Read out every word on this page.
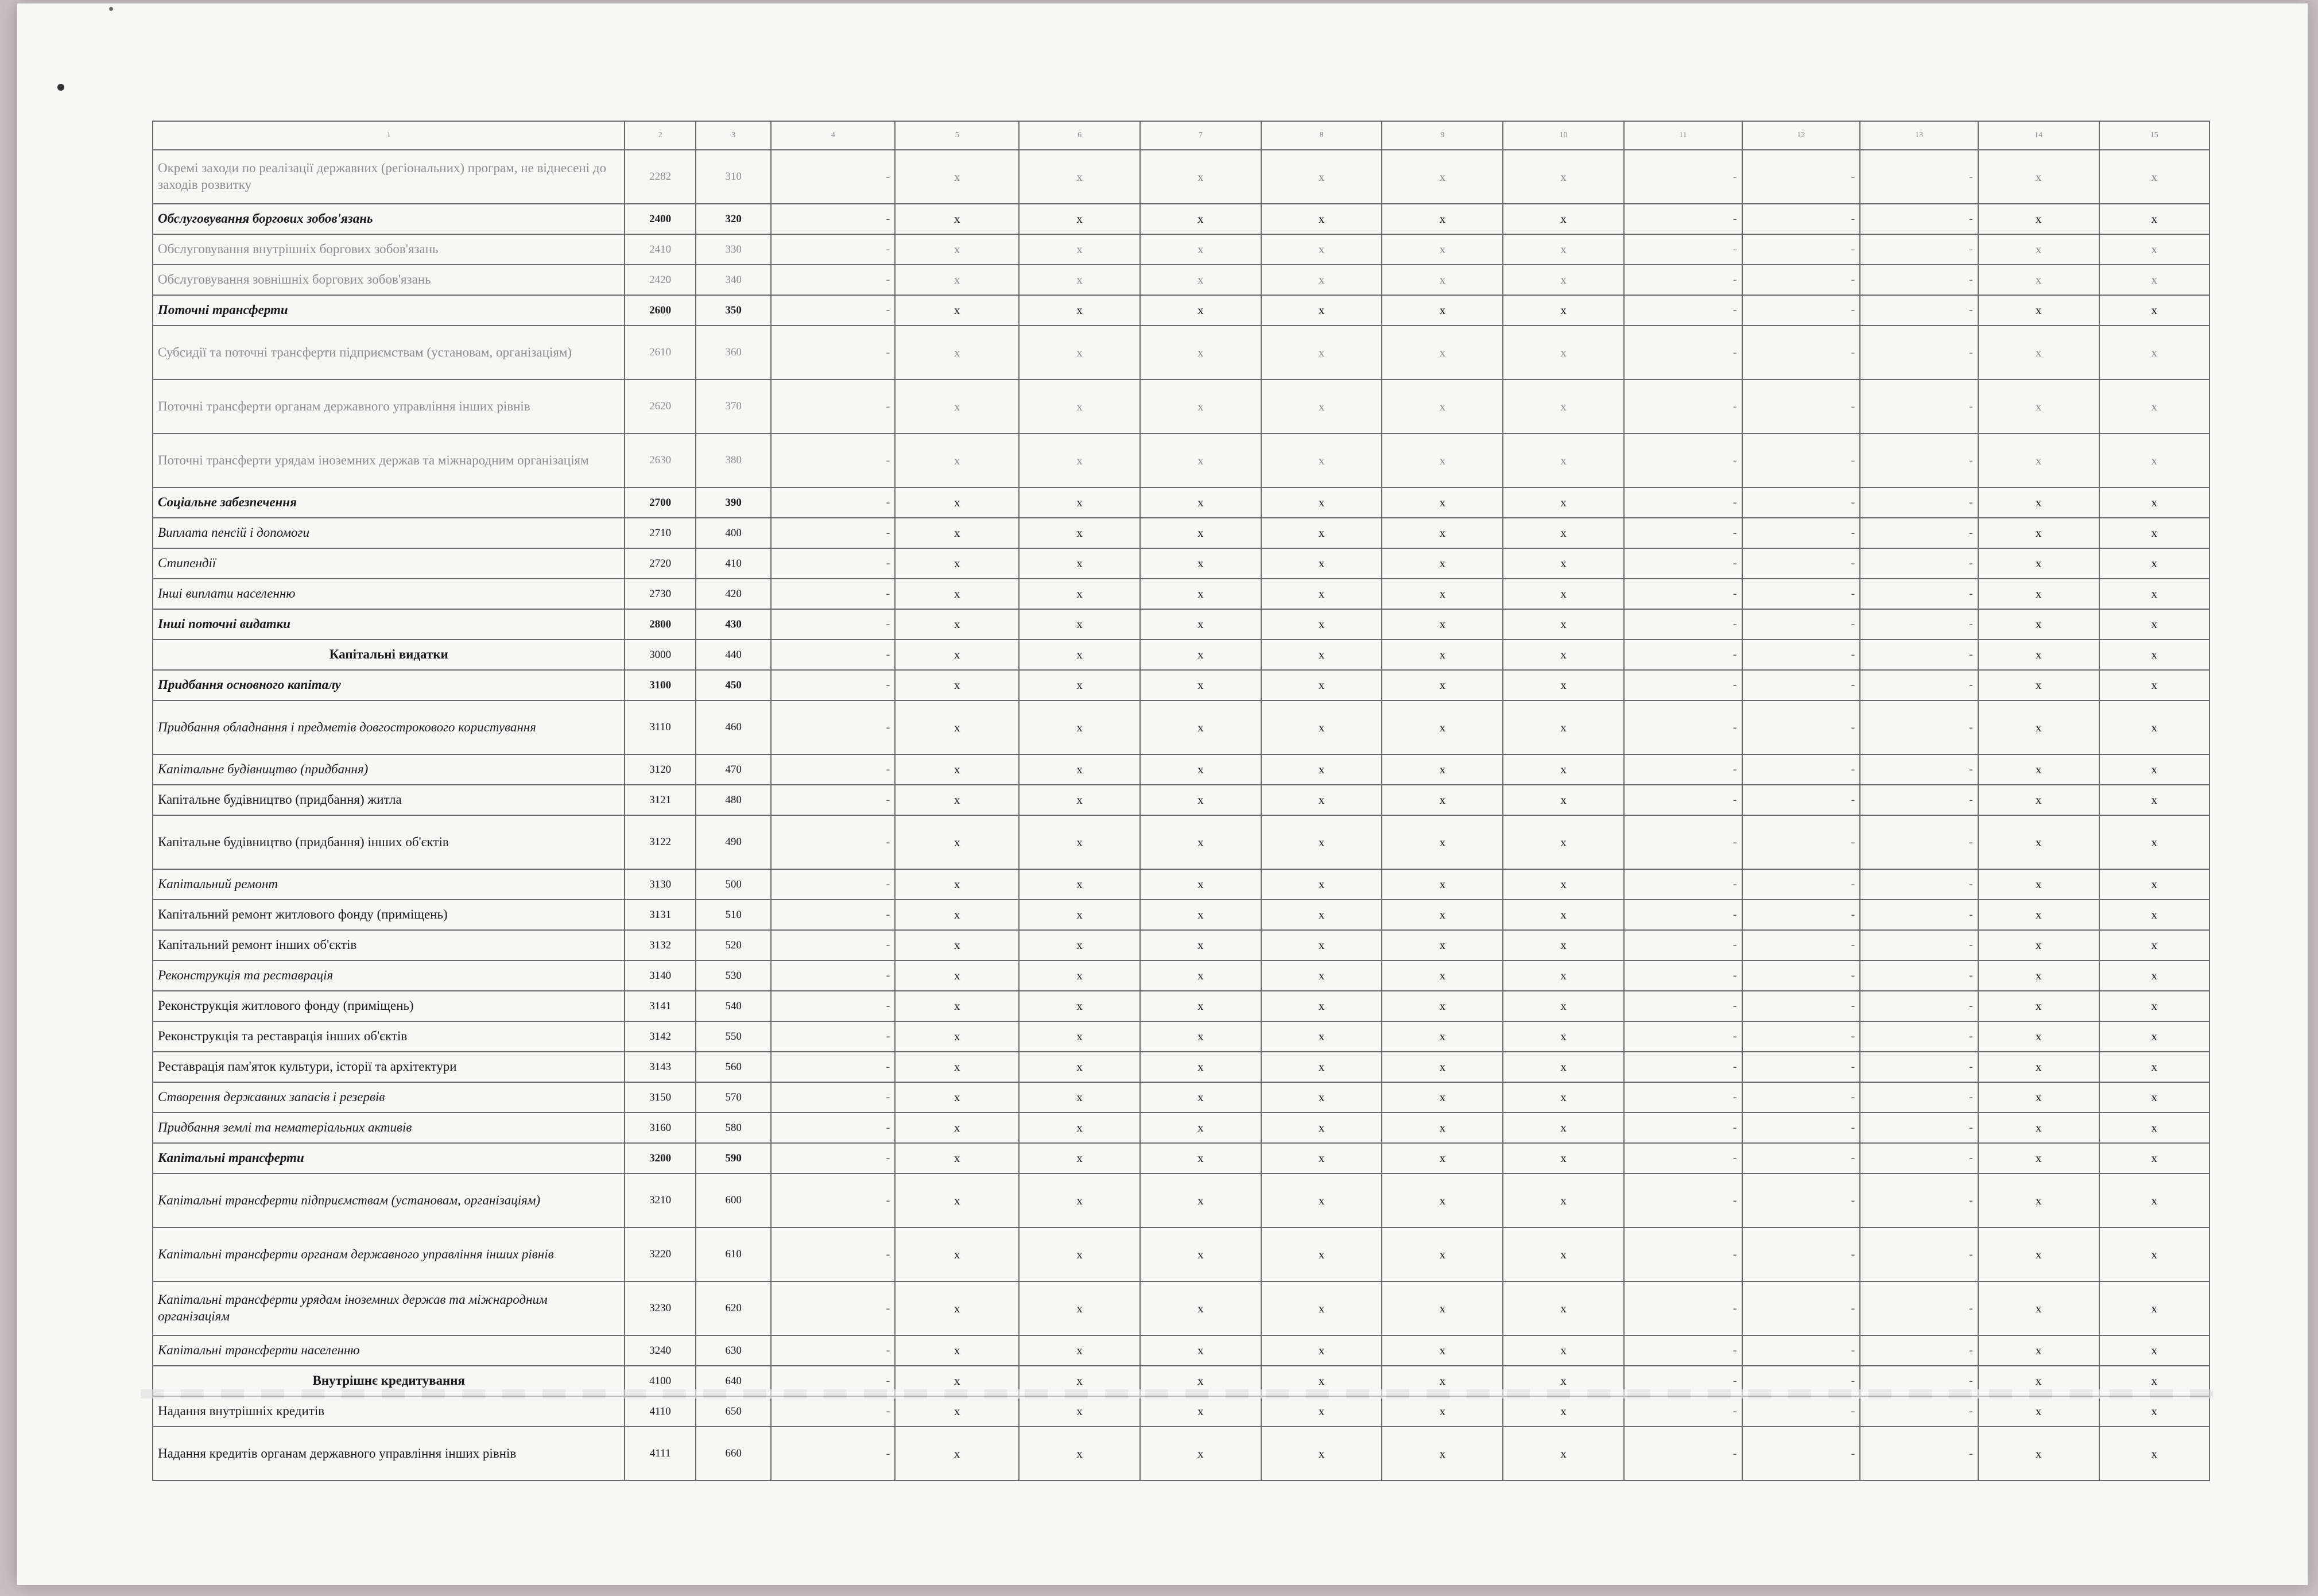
1	2	3	4	5	6	7	8	9	10	11	12	13	14	15
Окремі заходи по реалізації державних (регіональних) програм, не віднесені до заходів розвитку	2282	310	-	x	x	x	x	x	x	-	-	-	x	x
Обслуговування боргових зобов'язань	2400	320	-	x	x	x	x	x	x	-	-	-	x	x
Обслуговування внутрішніх боргових зобов'язань	2410	330	-	x	x	x	x	x	x	-	-	-	x	x
Обслуговування зовнішніх боргових зобов'язань	2420	340	-	x	x	x	x	x	x	-	-	-	x	x
Поточні трансферти	2600	350	-	x	x	x	x	x	x	-	-	-	x	x
Субсидії та поточні трансферти підприємствам (установам, організаціям)	2610	360	-	x	x	x	x	x	x	-	-	-	x	x
Поточні трансферти органам державного управління інших рівнів	2620	370	-	x	x	x	x	x	x	-	-	-	x	x
Поточні трансферти урядам іноземних держав та міжнародним організаціям	2630	380	-	x	x	x	x	x	x	-	-	-	x	x
Соціальне забезпечення	2700	390	-	x	x	x	x	x	x	-	-	-	x	x
Виплата пенсій і допомоги	2710	400	-	x	x	x	x	x	x	-	-	-	x	x
Стипендії	2720	410	-	x	x	x	x	x	x	-	-	-	x	x
Інші виплати населенню	2730	420	-	x	x	x	x	x	x	-	-	-	x	x
Інші поточні видатки	2800	430	-	x	x	x	x	x	x	-	-	-	x	x
Капітальні видатки	3000	440	-	x	x	x	x	x	x	-	-	-	x	x
Придбання основного капіталу	3100	450	-	x	x	x	x	x	x	-	-	-	x	x
Придбання обладнання і предметів довгострокового користування	3110	460	-	x	x	x	x	x	x	-	-	-	x	x
Капітальне будівництво (придбання)	3120	470	-	x	x	x	x	x	x	-	-	-	x	x
Капітальне будівництво (придбання) житла	3121	480	-	x	x	x	x	x	x	-	-	-	x	x
Капітальне будівництво (придбання) інших об'єктів	3122	490	-	x	x	x	x	x	x	-	-	-	x	x
Капітальний ремонт	3130	500	-	x	x	x	x	x	x	-	-	-	x	x
Капітальний ремонт житлового фонду (приміщень)	3131	510	-	x	x	x	x	x	x	-	-	-	x	x
Капітальний ремонт інших об'єктів	3132	520	-	x	x	x	x	x	x	-	-	-	x	x
Реконструкція та реставрація	3140	530	-	x	x	x	x	x	x	-	-	-	x	x
Реконструкція житлового фонду (приміщень)	3141	540	-	x	x	x	x	x	x	-	-	-	x	x
Реконструкція та реставрація інших об'єктів	3142	550	-	x	x	x	x	x	x	-	-	-	x	x
Реставрація пам'яток культури, історії та архітектури	3143	560	-	x	x	x	x	x	x	-	-	-	x	x
Створення державних запасів і резервів	3150	570	-	x	x	x	x	x	x	-	-	-	x	x
Придбання землі та нематеріальних активів	3160	580	-	x	x	x	x	x	x	-	-	-	x	x
Капітальні трансферти	3200	590	-	x	x	x	x	x	x	-	-	-	x	x
Капітальні трансферти підприємствам (установам, організаціям)	3210	600	-	x	x	x	x	x	x	-	-	-	x	x
Капітальні трансферти органам державного управління інших рівнів	3220	610	-	x	x	x	x	x	x	-	-	-	x	x
Капітальні трансферти урядам іноземних держав та міжнародним організаціям	3230	620	-	x	x	x	x	x	x	-	-	-	x	x
Капітальні трансферти населенню	3240	630	-	x	x	x	x	x	x	-	-	-	x	x
Внутрішнє кредитування	4100	640	-	x	x	x	x	x	x	-	-	-	x	x
Надання внутрішніх кредитів	4110	650	-	x	x	x	x	x	x	-	-	-	x	x
Надання кредитів органам державного управління інших рівнів	4111	660	-	x	x	x	x	x	x	-	-	-	x	x
